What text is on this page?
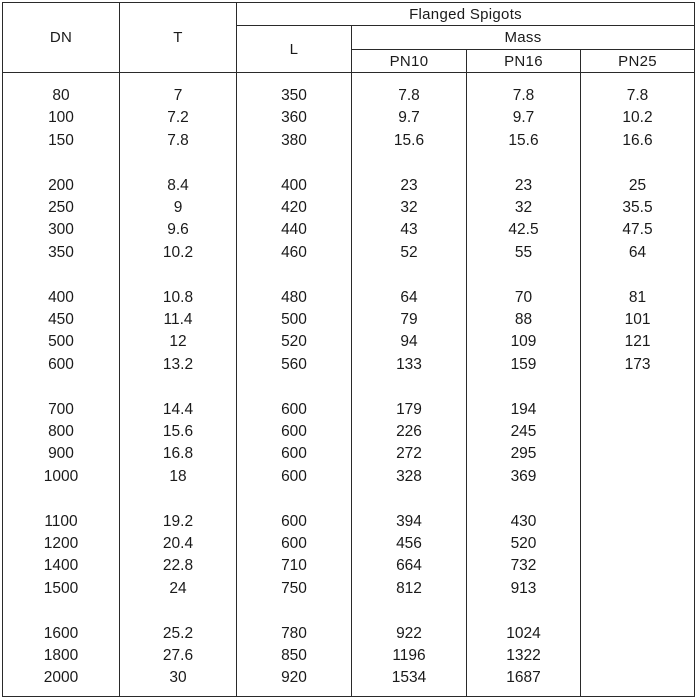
DN	T	Flanged Spigots			
		L	Mass		
			PN10	PN16	PN25

80	7	350	7.8	7.8	7.8
100	7.2	360	9.7	9.7	10.2
150	7.8	380	15.6	15.6	16.6

200	8.4	400	23	23	25
250	9	420	32	32	35.5
300	9.6	440	43	42.5	47.5
350	10.2	460	52	55	64

400	10.8	480	64	70	81
450	11.4	500	79	88	101
500	12	520	94	109	121
600	13.2	560	133	159	173

700	14.4	600	179	194	
800	15.6	600	226	245	
900	16.8	600	272	295	
1000	18	600	328	369	

1100	19.2	600	394	430	
1200	20.4	600	456	520	
1400	22.8	710	664	732	
1500	24	750	812	913	

1600	25.2	780	922	1024	
1800	27.6	850	1196	1322	
2000	30	920	1534	1687	
